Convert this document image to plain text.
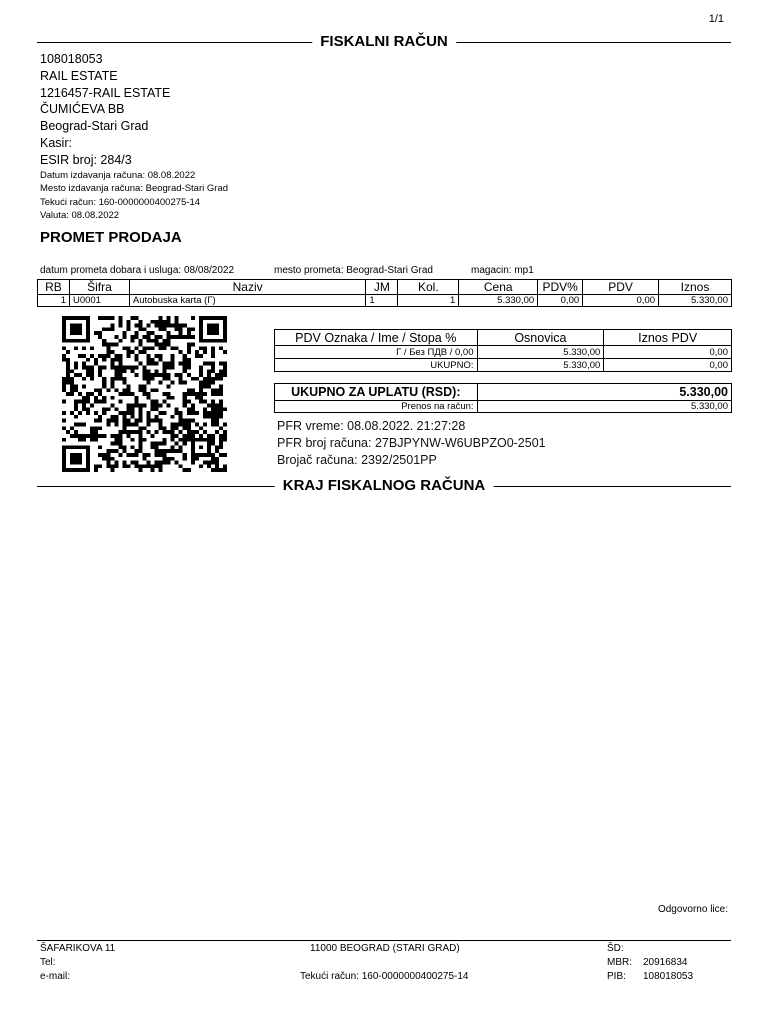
1/1
FISKALNI RAČUN
108018053
RAIL ESTATE
1216457-RAIL ESTATE
ČUMIĆEVA BB
Beograd-Stari Grad
Kasir:
ESIR broj: 284/3
Datum izdavanja računa: 08.08.2022
Mesto izdavanja računa: Beograd-Stari Grad
Tekući račun: 160-0000000400275-14
Valuta: 08.08.2022
PROMET PRODAJA
datum prometa dobara i usluga: 08/08/2022	mesto prometa: Beograd-Stari Grad	magacin: mp1
RB	Šifra	Naziv	JM	Kol.	Cena	PDV%	PDV	Iznos
1	U0001	Autobuska karta (Г)	1	1	5.330,00	0,00	0,00	5.330,00
PDV Oznaka / Ime / Stopa %	Osnovica	Iznos PDV
Г / Без ПДВ / 0,00	5.330,00	0,00
UKUPNO:	5.330,00	0,00
UKUPNO ZA UPLATU (RSD):	5.330,00
Prenos na račun:	5.330,00
PFR vreme: 08.08.2022. 21:27:28
PFR broj računa: 27BJPYNW-W6UBPZO0-2501
Brojač računa: 2392/2501PP
KRAJ FISKALNOG RAČUNA
Odgovorno lice:
ŠAFARIKOVA 11
Tel:
e-mail:
11000 BEOGRAD (STARI GRAD)
Tekući račun: 160-0000000400275-14
ŠD:
MBR: 20916834
PIB: 108018053
